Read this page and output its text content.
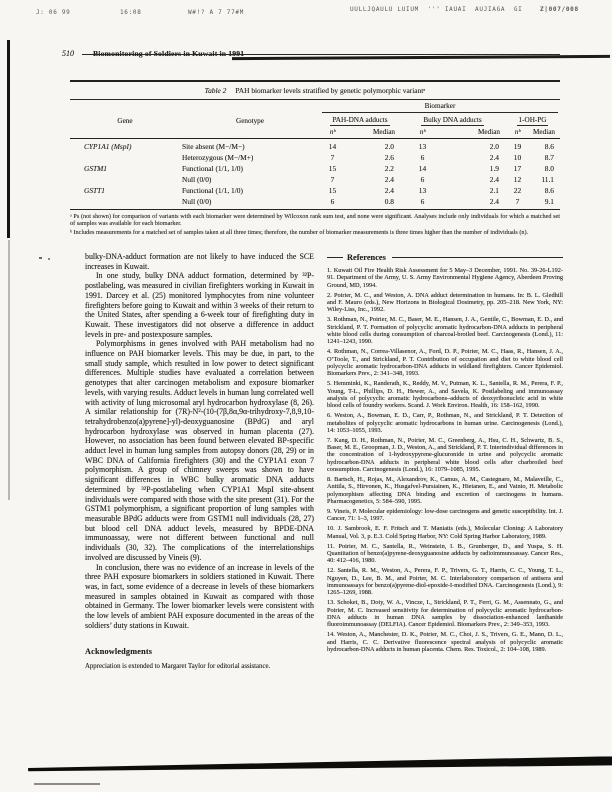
J: 06 99	16:08	W#!? A 7 77#M	UULLJQAULU LUIUM  ''' IAUAI  AUJIAGA  GI	Z|007/008
510
Table 2 PAH biomarker levels stratified by genetic polymorphic variantᵃ
Biomarker
Gene	Genotype	PAH-DNA adducts	Bulky DNA adducts	1-OH-PG
nᵇ	Median	nᵇ	Median	nᵇ	Median
CYP1A1 (MspI)	Site absent (M−/M−)	14	2.0	13	2.0	19	8.6
Heterozygous (M−/M+)	7	2.6	6	2.4	10	8.7
GSTM1	Functional (1/1, 1/0)	15	2.2	14	1.9	17	8.0
Null (0/0)	7	2.4	6	2.4	12	11.1
GSTT1	Functional (1/1, 1/0)	15	2.4	13	2.1	22	8.6
Null (0/0)	6	0.8	6	2.4	7	9.1

ᵃ Ps (not shown) for comparison of variants with each biomarker were determined by Wilcoxon rank sum test, and none were significant. Analyses include only individuals for which a matched set of samples was available for each biomarker.

ᵇ Includes measurements for a matched set of samples taken at all three times; therefore, the number of biomarker measurements is three times higher than the number of individuals (n).

bulky-DNA-adduct formation are not likely to have induced the SCE increases in Kuwait.

In one study, bulky DNA adduct formation, determined by ³²P-postlabeling, was measured in civilian firefighters working in Kuwait in 1991. Darcey et al. (25) monitored lymphocytes from nine volunteer firefighters before going to Kuwait and within 3 weeks of their return to the United States, after spending a 6-week tour of firefighting duty in Kuwait. These investigators did not observe a difference in adduct levels in pre- and postexposure samples.

Polymorphisms in genes involved with PAH metabolism had no influence on PAH biomarker levels. This may be due, in part, to the small study sample, which resulted in low power to detect significant differences. Multiple studies have evaluated a correlation between genotypes that alter carcinogen metabolism and exposure biomarker levels, with varying results. Adduct levels in human lung correlated well with activity of lung microsomal aryl hydrocarbon hydroxylase (8, 26). A similar relationship for (7R)-N²-(10-(7β,8α,9α-trihydroxy-7,8,9,10-tetrahydrobenzo(a)pyrene]-yl)-deoxyguanosine (BPdG) and aryl hydrocarbon hydroxylase was observed in human placenta (27). However, no association has been found between elevated BP-specific adduct level in human lung samples from autopsy donors (28, 29) or in WBC DNA of California firefighters (30) and the CYP1A1 exon 7 polymorphism. A group of chimney sweeps was shown to have significant differences in WBC bulky aromatic DNA adducts determined by ³²P-postlabeling when CYP1A1 MspI site-absent individuals were compared with those with the site present (31). For the GSTM1 polymorphism, a significant proportion of lung samples with measurable BPdG adducts were from GSTM1 null individuals (28, 27) but blood cell DNA adduct levels, measured by BPDE-DNA immunoassay, were not different between functional and null individuals (30, 32). The complications of the interrelationships involved are discussed by Vineis (9).

In conclusion, there was no evidence of an increase in levels of the three PAH exposure biomarkers in soldiers stationed in Kuwait. There was, in fact, some evidence of a decrease in levels of these biomarkers measured in samples obtained in Kuwait as compared with those obtained in Germany. The lower biomarker levels were consistent with the low levels of ambient PAH exposure documented in the areas of the soldiers’ duty stations in Kuwait.

Acknowledgments
Appreciation is extended to Margaret Taylor for editorial assistance.
References

1. Kuwait Oil Fire Health Risk Assessment for 5 May–3 December, 1991. No. 39-26-L192-91. Department of the Army, U. S. Army Environmental Hygiene Agency, Aberdeen Proving Ground, MD, 1994.

2. Poirier, M. C., and Weston, A. DNA adduct determination in humans. In: B. L. Gledhill and F. Mauro (eds.), New Horizons in Biological Dosimetry, pp. 205–218. New York, NY: Wiley-Liss, Inc., 1992.

3. Rothman, N., Poirier, M. C., Baser, M. E., Hansen, J. A., Gentile, C., Bowman, E. D., and Strickland, P. T. Formation of polycyclic aromatic hydrocarbon-DNA adducts in peripheral white blood cells during consumption of charcoal-broiled beef. Carcinogenesis (Lond.), 11: 1241–1243, 1990.

4. Rothman, N., Correa-Villasenor, A., Ford, D. P., Poirier, M. C., Haas, R., Hansen, J. A., O’Toole, T., and Strickland, P. T. Contribution of occupation and diet to white blood cell polycyclic aromatic hydrocarbon-DNA adducts in wildland firefighters. Cancer Epidemiol. Biomarkers Prev., 2: 341–348, 1993.

5. Hemminki, K., Randerath, K., Reddy, M. V., Putman, K. L., Santella, R. M., Perera, F. P., Young, T-L., Phillips, D. H., Hewer, A., and Savela, K. Postlabeling and immunoassay analysis of polycyclic aromatic hydrocarbons–adducts of deoxyribonucleic acid in white blood cells of foundry workers. Scand. J. Work Environ. Health, 16: 158–162, 1990.

6. Weston, A., Bowman, E. D., Carr, P., Rothman, N., and Strickland, P. T. Detection of metabolites of polycyclic aromatic hydrocarbons in human urine. Carcinogenesis (Lond.), 14: 1053–1055, 1993.

7. Kang, D. H., Rothman, N., Poirier, M. C., Greenberg, A., Hsu, C. H., Schwartz, B. S., Baser, M. E., Groopman, J. D., Weston, A., and Strickland, P. T. Interindividual differences in the concentration of 1-hydroxypyrene-glucuronide in urine and polycyclic aromatic hydrocarbon-DNA adducts in peripheral white blood cells after charbroiled beef consumption. Carcinogenesis (Lond.), 16: 1079–1085, 1995.

8. Bartsch, H., Rojas, M., Alexandrov, K., Camus, A. M., Castegnaro, M., Malaveille, C., Anttila, S., Hirvonen, K., Husgafvel-Pursiainen, K., Hietanen, E., and Vainio, H. Metabolic polymorphism affecting DNA binding and excretion of carcinogens in humans. Pharmacogenetics, 5: 584–590, 1995.

9. Vineis, P. Molecular epidemiology: low-dose carcinogens and genetic susceptibility. Int. J. Cancer, 71: 1–3, 1997.

10. J. Sambrook, E. F. Fritsch and T. Maniatis (eds.), Molecular Cloning: A Laboratory Manual, Vol. 3, p. E.3. Cold Spring Harbor, NY: Cold Spring Harbor Laboratory, 1989.

11. Poirier, M. C., Santella, R., Weinstein, I. B., Grunberger, D., and Yuspa, S. H. Quantitation of benzo(a)pyrene-deoxyguanosine adducts by radioimmunoassay. Cancer Res., 40: 412–416, 1980.

12. Santella, R. M., Weston, A., Perera, F. P., Trivers, G. T., Harris, C. C., Young, T. L., Nguyen, D., Lee, B. M., and Poirier, M. C. Interlaboratory comparison of antisera and immunoassays for benzo(a)pyrene-diol-epoxide-I-modified DNA. Carcinogenesis (Lond.), 9: 1265–1269, 1988.

13. Schoket, B., Doty, W. A., Vincze, I., Strickland, P. T., Ferri, G. M., Assennato, G., and Poirier, M. C. Increased sensitivity for determination of polycyclic aromatic hydrocarbon-DNA adducts in human DNA samples by dissociation-enhanced lanthanide fluoroimmunoassay (DELFIA). Cancer Epidemiol. Biomarkers Prev., 2: 349–353, 1993.

14. Weston, A., Manchester, D. K., Poirier, M. C., Choi, J. S., Trivers, G. E., Mann, D. L., and Harris, C. C. Derivative fluorescence spectral analysis of polycyclic aromatic hydrocarbon-DNA adducts in human placenta. Chem. Res. Toxicol., 2: 104–108, 1989.
